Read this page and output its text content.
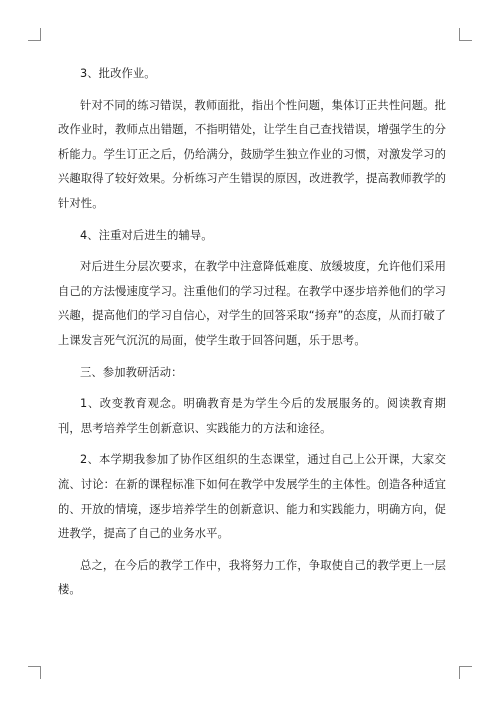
3、批改作业。

针对不同的练习错误，教师面批，指出个性问题，集体订正共性问题。批改作业时，教师点出错题，不指明错处，让学生自己查找错误，增强学生的分析能力。学生订正之后，仍给满分，鼓励学生独立作业的习惯，对激发学习的兴趣取得了较好效果。分析练习产生错误的原因，改进教学，提高教师教学的针对性。

4、注重对后进生的辅导。

对后进生分层次要求，在教学中注意降低难度、放缓坡度，允许他们采用自己的方法慢速度学习。注重他们的学习过程。在教学中逐步培养他们的学习兴趣，提高他们的学习自信心，对学生的回答采取“扬弃”的态度，从而打破了上课发言死气沉沉的局面，使学生敢于回答问题，乐于思考。

三、参加教研活动：

1、改变教育观念。明确教育是为学生今后的发展服务的。阅读教育期刊，思考培养学生创新意识、实践能力的方法和途径。

2、本学期我参加了协作区组织的生态课堂，通过自己上公开课，大家交流、讨论：在新的课程标准下如何在教学中发展学生的主体性。创造各种适宜的、开放的情境，逐步培养学生的创新意识、能力和实践能力，明确方向，促进教学，提高了自己的业务水平。

总之，在今后的教学工作中，我将努力工作，争取使自己的教学更上一层楼。
